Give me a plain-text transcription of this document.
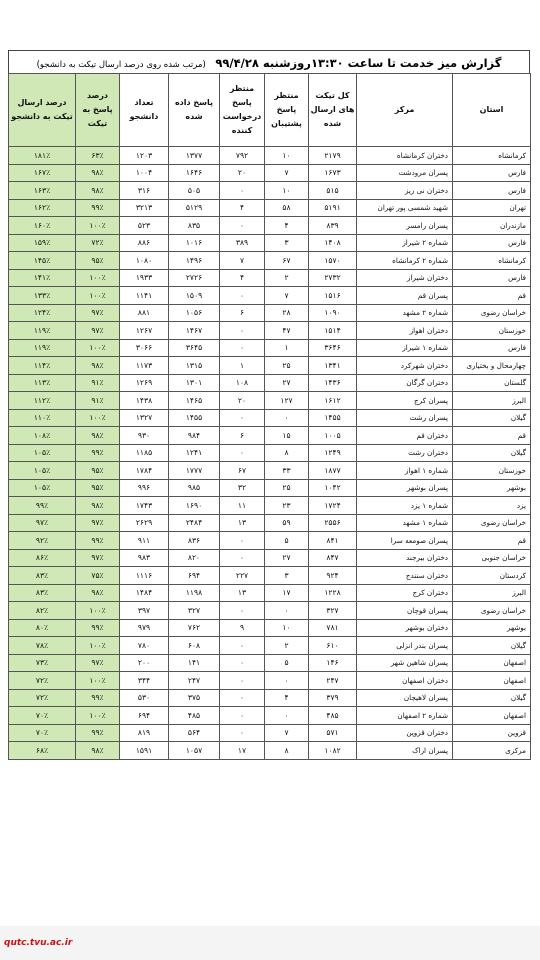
گزارش میز خدمت تا ساعت ۱۳:۳۰روزشنبه ۹۹/۴/۲۸ (مرتب شده روی درصد ارسال تیکت به دانشجو)
استان	مرکز	کل تیکت های ارسال شده	منتظر پاسخ پشتیبان	منتظر پاسخ درخواست کننده	پاسخ داده شده	تعداد دانشجو	درصد پاسخ به تیکت	درصد ارسال تیکت به دانشجو
کرمانشاه	دختران کرمانشاه	۲۱۷۹	۱۰	۷۹۲	۱۳۷۷	۱۲۰۳	۶۳٪	۱۸۱٪
فارس	پسران مرودشت	۱۶۷۳	۷	۲۰	۱۶۴۶	۱۰۰۴	۹۸٪	۱۶۷٪
فارس	دختران نی ریز	۵۱۵	۱۰	۰	۵۰۵	۳۱۶	۹۸٪	۱۶۳٪
تهران	شهید شمسی پور تهران	۵۱۹۱	۵۸	۴	۵۱۲۹	۳۲۱۳	۹۹٪	۱۶۲٪
مازندران	پسران رامسر	۸۳۹	۴	۰	۸۳۵	۵۲۳	۱۰۰٪	۱۶۰٪
فارس	شماره ۲ شیراز	۱۴۰۸	۳	۳۸۹	۱۰۱۶	۸۸۶	۷۲٪	۱۵۹٪
کرمانشاه	شماره ۲ کرمانشاه	۱۵۷۰	۶۷	۷	۱۴۹۶	۱۰۸۰	۹۵٪	۱۴۵٪
فارس	دختران شیراز	۲۷۳۲	۲	۴	۲۷۲۶	۱۹۳۳	۱۰۰٪	۱۴۱٪
قم	پسران قم	۱۵۱۶	۷	۰	۱۵۰۹	۱۱۴۱	۱۰۰٪	۱۳۳٪
خراسان رضوی	شماره ۲ مشهد	۱۰۹۰	۲۸	۶	۱۰۵۶	۸۸۱	۹۷٪	۱۲۴٪
خوزستان	دختران اهواز	۱۵۱۴	۴۷	۰	۱۴۶۷	۱۲۶۷	۹۷٪	۱۱۹٪
فارس	شماره ۱ شیراز	۳۶۴۶	۱	۰	۳۶۴۵	۳۰۶۶	۱۰۰٪	۱۱۹٪
چهارمحال و بختیاری	دختران شهرکرد	۱۳۴۱	۲۵	۱	۱۳۱۵	۱۱۷۳	۹۸٪	۱۱۴٪
گلستان	دختران گرگان	۱۴۳۶	۲۷	۱۰۸	۱۳۰۱	۱۲۶۹	۹۱٪	۱۱۳٪
البرز	پسران کرج	۱۶۱۲	۱۲۷	۲۰	۱۴۶۵	۱۴۳۸	۹۱٪	۱۱۲٪
گیلان	پسران رشت	۱۴۵۵	۰	۰	۱۴۵۵	۱۳۲۷	۱۰۰٪	۱۱۰٪
قم	دختران قم	۱۰۰۵	۱۵	۶	۹۸۴	۹۳۰	۹۸٪	۱۰۸٪
گیلان	دختران رشت	۱۲۴۹	۸	۰	۱۲۴۱	۱۱۸۵	۹۹٪	۱۰۵٪
خوزستان	شماره ۱ اهواز	۱۸۷۷	۳۳	۶۷	۱۷۷۷	۱۷۸۴	۹۵٪	۱۰۵٪
بوشهر	پسران بوشهر	۱۰۴۲	۲۵	۳۲	۹۸۵	۹۹۶	۹۵٪	۱۰۵٪
یزد	شماره ۱ یزد	۱۷۲۴	۲۳	۱۱	۱۶۹۰	۱۷۴۳	۹۸٪	۹۹٪
خراسان رضوی	شماره ۱ مشهد	۲۵۵۶	۵۹	۱۳	۲۴۸۴	۲۶۲۹	۹۷٪	۹۷٪
قم	پسران صومعه سرا	۸۴۱	۵	۰	۸۳۶	۹۱۱	۹۹٪	۹۲٪
خراسان جنوبی	دختران بیرجند	۸۴۷	۲۷	۰	۸۲۰	۹۸۳	۹۷٪	۸۶٪
کردستان	دختران سنندج	۹۲۴	۳	۲۲۷	۶۹۴	۱۱۱۶	۷۵٪	۸۳٪
البرز	دختران کرج	۱۲۲۸	۱۷	۱۳	۱۱۹۸	۱۴۸۴	۹۸٪	۸۳٪
خراسان رضوی	پسران قوچان	۳۲۷	۰	۰	۳۲۷	۳۹۷	۱۰۰٪	۸۲٪
بوشهر	دختران بوشهر	۷۸۱	۱۰	۹	۷۶۲	۹۷۹	۹۹٪	۸۰٪
گیلان	پسران بندر انزلی	۶۱۰	۲	۰	۶۰۸	۷۸۰	۱۰۰٪	۷۸٪
اصفهان	پسران شاهین شهر	۱۴۶	۵	۰	۱۴۱	۲۰۰	۹۷٪	۷۳٪
اصفهان	دختران اصفهان	۲۴۷	۰	۰	۲۴۷	۳۴۴	۱۰۰٪	۷۲٪
گیلان	پسران لاهیجان	۳۷۹	۴	۰	۳۷۵	۵۳۰	۹۹٪	۷۲٪
اصفهان	شماره ۲ اصفهان	۴۸۵	۰	۰	۴۸۵	۶۹۴	۱۰۰٪	۷۰٪
قزوین	دختران قزوین	۵۷۱	۷	۰	۵۶۴	۸۱۹	۹۹٪	۷۰٪
مرکزی	پسران اراک	۱۰۸۲	۸	۱۷	۱۰۵۷	۱۵۹۱	۹۸٪	۶۸٪
qutc.tvu.ac.ir
